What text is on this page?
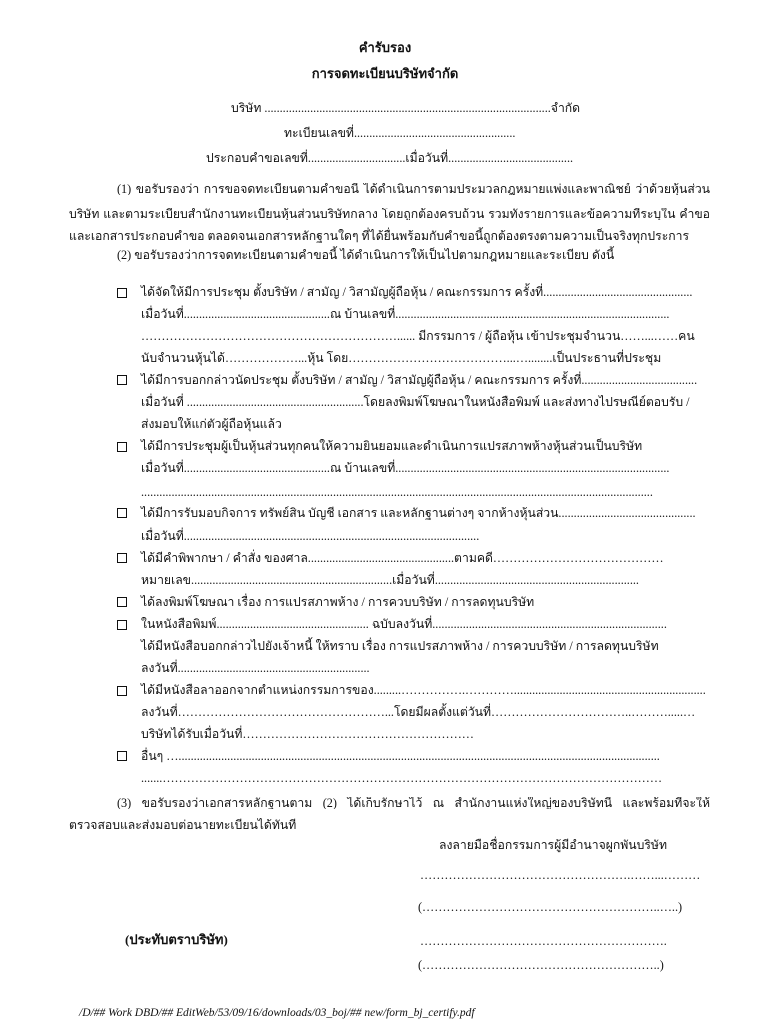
คำรับรอง
การจดทะเบียนบริษัทจำกัด
บริษัท ..............................................................................................จำกัด
ทะเบียนเลขที่.....................................................
ประกอบคำขอเลขที่................................เมื่อวันที่.........................................
(1) ขอรับรองว่า การขอจดทะเบียนตามคำขอนี้ ได้ดำเนินการตามประมวลกฎหมายแพ่งและพาณิชย์ ว่าด้วยหุ้นส่วน
บริษัท และตามระเบียบสำนักงานทะเบียนหุ้นส่วนบริษัทกลาง โดยถูกต้องครบถ้วน รวมทั้งรายการและข้อความที่ระบุใน คำขอ
และเอกสารประกอบคำขอ ตลอดจนเอกสารหลักฐานใดๆ ที่ได้ยื่นพร้อมกับคำขอนี้ถูกต้องตรงตามความเป็นจริงทุกประการ
(2) ขอรับรองว่าการจดทะเบียนตามคำขอนี้ ได้ดำเนินการให้เป็นไปตามกฎหมายและระเบียบ ดังนี้
ได้จัดให้มีการประชุม ตั้งบริษัท / สามัญ / วิสามัญผู้ถือหุ้น / คณะกรรมการ ครั้งที่.................................................
เมื่อวันที่................................................ณ บ้านเลขที่..........................................................................................
………………………………………………………...... มีกรรมการ / ผู้ถือหุ้น เข้าประชุมจำนวน……...……คน
นับจำนวนหุ้นได้………………...หุ้น โดย…………………………………...…........เป็นประธานที่ประชุม
ได้มีการบอกกล่าวนัดประชุม ตั้งบริษัท / สามัญ / วิสามัญผู้ถือหุ้น / คณะกรรมการ ครั้งที่......................................
เมื่อวันที่ ..........................................................โดยลงพิมพ์โฆษณาในหนังสือพิมพ์ และส่งทางไปรษณีย์ตอบรับ /
ส่งมอบให้แก่ตัวผู้ถือหุ้นแล้ว
ได้มีการประชุมผู้เป็นหุ้นส่วนทุกคนให้ความยินยอมและดำเนินการแปรสภาพห้างหุ้นส่วนเป็นบริษัท
เมื่อวันที่................................................ณ บ้านเลขที่..........................................................................................
........................................................................................................................................................................
ได้มีการรับมอบกิจการ ทรัพย์สิน บัญชี เอกสาร และหลักฐานต่างๆ จากห้างหุ้นส่วน.............................................
เมื่อวันที่.................................................................................................
ได้มีคำพิพากษา / คำสั่ง ของศาล................................................ตามคดี……………………………………
หมายเลข..................................................................เมื่อวันที่...................................................................
ได้ลงพิมพ์โฆษณา เรื่อง การแปรสภาพห้าง / การควบบริษัท / การลดทุนบริษัท
ในหนังสือพิมพ์.................................................. ฉบับลงวันที่.............................................................................
ได้มีหนังสือบอกกล่าวไปยังเจ้าหนี้ ให้ทราบ เรื่อง การแปรสภาพห้าง / การควบบริษัท / การลดทุนบริษัท
ลงวันที่...............................................................
ได้มีหนังสือลาออกจากตำแหน่งกรรมการของ.........…………….…………...............................................................
ลงวันที่……………………………………………...โดยมีผลตั้งแต่วันที่……………………………..……….....…
บริษัทได้รับเมื่อวันที่…………………………………………………
อื่นๆ …..............................................................................................................................................................
.......……………………………………………………………………………………………………………
(3) ขอรับรองว่าเอกสารหลักฐานตาม (2) ได้เก็บรักษาไว้ ณ สำนักงานแห่งใหญ่ของบริษัทนี้ และพร้อมที่จะให้
ตรวจสอบและส่งมอบต่อนายทะเบียนได้ทันที
ลงลายมือชื่อกรรมการผู้มีอำนาจผูกพันบริษัท
…………………………………………….……...………
(…………………………………………………..…..)
(ประทับตราบริษัท)	…………………………………………………….
(…………………………………………………..)
/D/## Work DBD/## EditWeb/53/09/16/downloads/03_boj/## new/form_bj_certify.pdf
